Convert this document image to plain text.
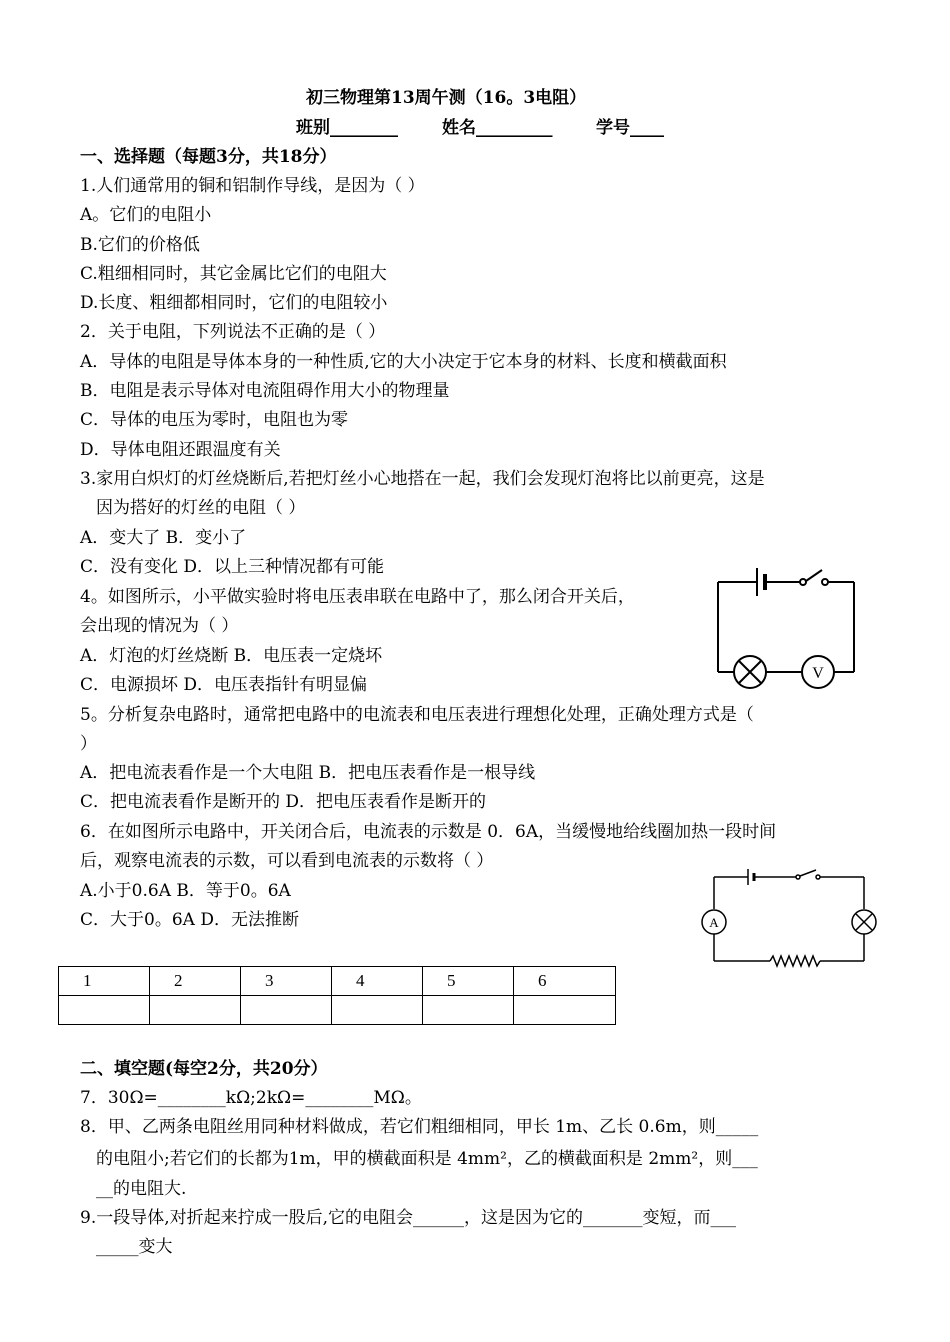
初三物理第13周午测（16。3电阻）
班别________	姓名_________	学号____
一、选择题（每题3分，共18分）
1.人们通常用的铜和铝制作导线，是因为（ ）
A。它们的电阻小
B.它们的价格低
C.粗细相同时，其它金属比它们的电阻大
D.长度、粗细都相同时，它们的电阻较小
2．关于电阻，下列说法不正确的是（ ）
A．导体的电阻是导体本身的一种性质,它的大小决定于它本身的材料、长度和横截面积
B．电阻是表示导体对电流阻碍作用大小的物理量
C．导体的电压为零时，电阻也为零
D．导体电阻还跟温度有关
3.家用白炽灯的灯丝烧断后,若把灯丝小心地搭在一起，我们会发现灯泡将比以前更亮，这是
因为搭好的灯丝的电阻（ ）
A．变大了 B．变小了
C．没有变化 D．以上三种情况都有可能
4。如图所示，小平做实验时将电压表串联在电路中了，那么闭合开关后，
会出现的情况为（ ）
A．灯泡的灯丝烧断 B．电压表一定烧坏
C．电源损坏 D．电压表指针有明显偏
5。分析复杂电路时，通常把电路中的电流表和电压表进行理想化处理，正确处理方式是（
）
A．把电流表看作是一个大电阻 B．把电压表看作是一根导线
C．把电流表看作是断开的 D．把电压表看作是断开的
6．在如图所示电路中，开关闭合后，电流表的示数是 0．6A，当缓慢地给线圈加热一段时间
后，观察电流表的示数，可以看到电流表的示数将（ ）
A.小于0.6A B．等于0。6A
C．大于0。6A D．无法推断
V
A
1	2	3	4	5	6

二、填空题(每空2分，共20分）
7．30Ω=________kΩ;2kΩ=________MΩ。
8．甲、乙两条电阻丝用同种材料做成，若它们粗细相同，甲长 1m、乙长 0.6m，则_____
的电阻小;若它们的长都为1m，甲的横截面积是 4mm²，乙的横截面积是 2mm²，则___
__的电阻大.
9.一段导体,对折起来拧成一股后,它的电阻会______，这是因为它的_______变短，而___
_____变大
